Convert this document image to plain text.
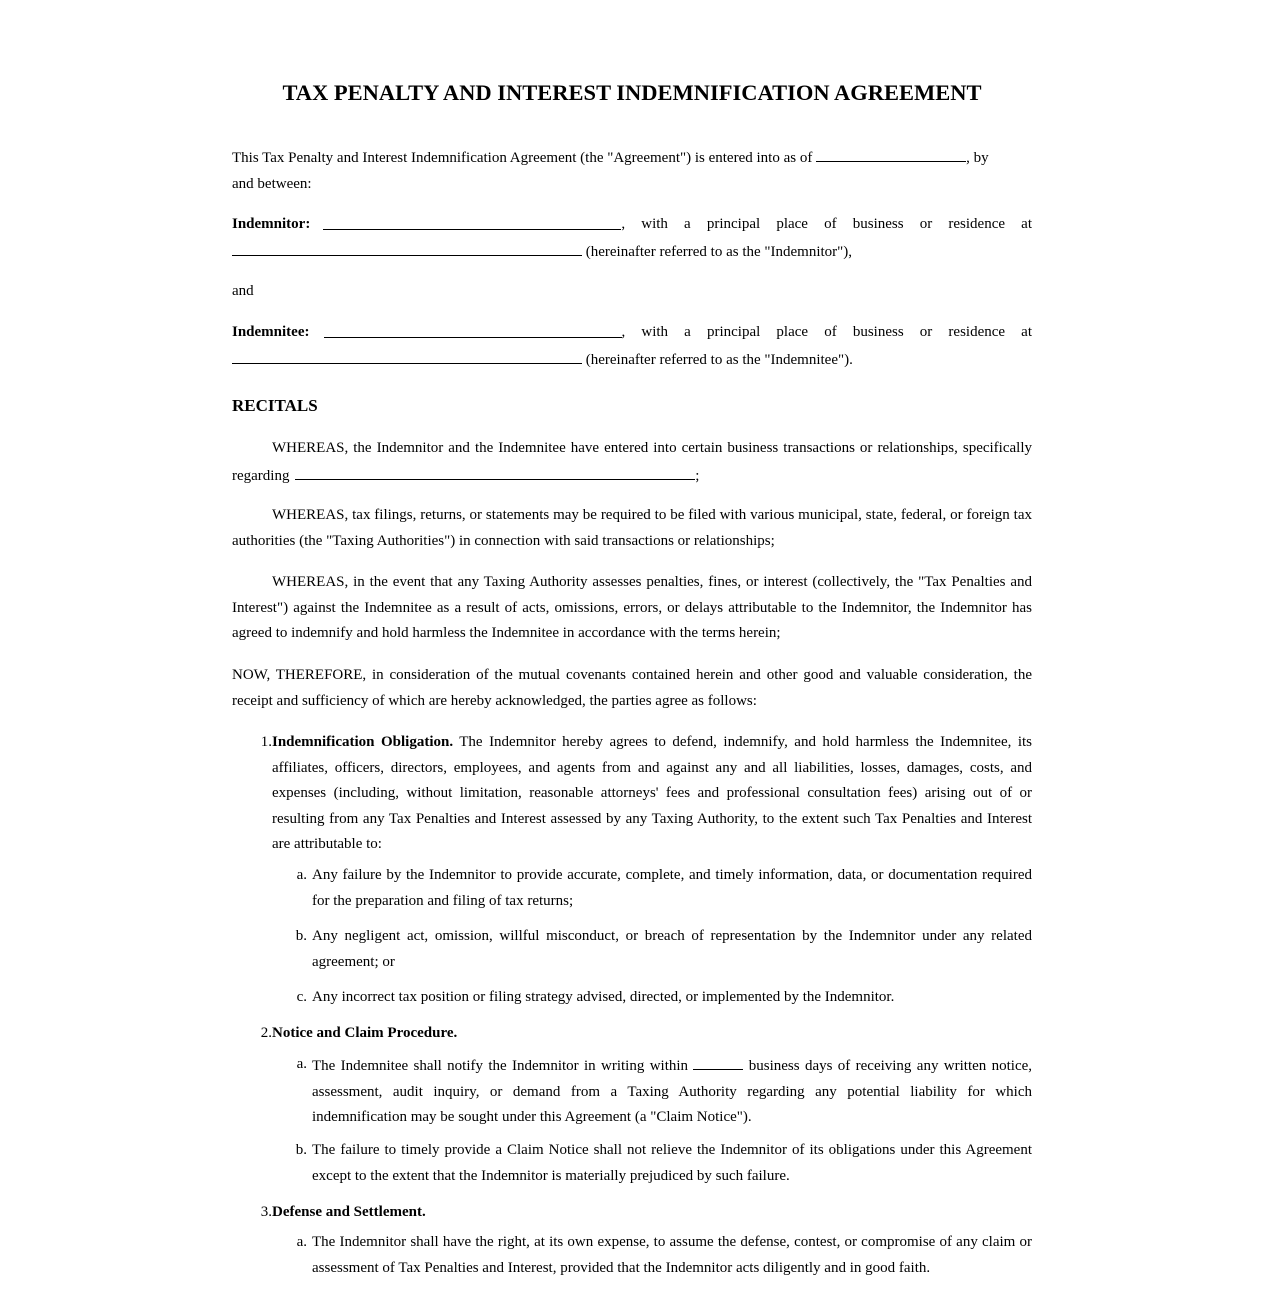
TAX PENALTY AND INTEREST INDEMNIFICATION AGREEMENT
This Tax Penalty and Interest Indemnification Agreement (the "Agreement") is entered into as of	, by
and between:
Indemnitor:	, with a principal place of business or residence at
(hereinafter referred to as the "Indemnitor"),
and
Indemnitee:	, with a principal place of business or residence at
(hereinafter referred to as the "Indemnitee").
RECITALS
WHEREAS, the Indemnitor and the Indemnitee have entered into certain business transactions or relationships, specifically regarding	;
WHEREAS, tax filings, returns, or statements may be required to be filed with various municipal, state, federal, or foreign tax authorities (the "Taxing Authorities") in connection with said transactions or relationships;
WHEREAS, in the event that any Taxing Authority assesses penalties, fines, or interest (collectively, the "Tax Penalties and Interest") against the Indemnitee as a result of acts, omissions, errors, or delays attributable to the Indemnitor, the Indemnitor has agreed to indemnify and hold harmless the Indemnitee in accordance with the terms herein;
NOW, THEREFORE, in consideration of the mutual covenants contained herein and other good and valuable consideration, the receipt and sufficiency of which are hereby acknowledged, the parties agree as follows:
1. Indemnification Obligation. The Indemnitor hereby agrees to defend, indemnify, and hold harmless the Indemnitee, its affiliates, officers, directors, employees, and agents from and against any and all liabilities, losses, damages, costs, and expenses (including, without limitation, reasonable attorneys' fees and professional consultation fees) arising out of or resulting from any Tax Penalties and Interest assessed by any Taxing Authority, to the extent such Tax Penalties and Interest are attributable to:
a. Any failure by the Indemnitor to provide accurate, complete, and timely information, data, or documentation required for the preparation and filing of tax returns;
b. Any negligent act, omission, willful misconduct, or breach of representation by the Indemnitor under any related agreement; or
c. Any incorrect tax position or filing strategy advised, directed, or implemented by the Indemnitor.
2. Notice and Claim Procedure.
a. The Indemnitee shall notify the Indemnitor in writing within	business days of receiving any written notice, assessment, audit inquiry, or demand from a Taxing Authority regarding any potential liability for which indemnification may be sought under this Agreement (a "Claim Notice").
b. The failure to timely provide a Claim Notice shall not relieve the Indemnitor of its obligations under this Agreement except to the extent that the Indemnitor is materially prejudiced by such failure.
3. Defense and Settlement.
a. The Indemnitor shall have the right, at its own expense, to assume the defense, contest, or compromise of any claim or assessment of Tax Penalties and Interest, provided that the Indemnitor acts diligently and in good faith.
